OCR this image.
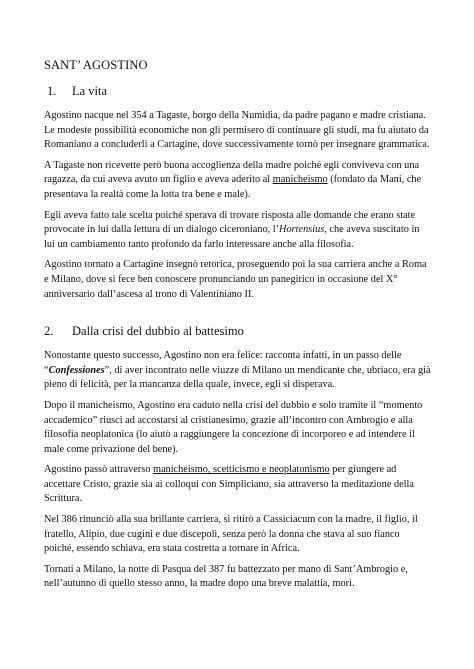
SANT’ AGOSTINO
1.	La vita

Agostino nacque nel 354 a Tagaste, borgo della Numidia, da padre pagano e madre cristiana. Le modeste possibilità economiche non gli permisero di continuare gli studi, ma fu aiutato da Romaniano a concluderli a Cartagine, dove successivamente tornò per insegnare grammatica.

A Tagaste non ricevette però buona accoglienza della madre poiché egli conviveva con una ragazza, da cui aveva avuto un figlio e aveva aderito al manicheismo (fondato da Mani, che presentava la realtà come la lotta tra bene e male).

Egli aveva fatto tale scelta poiché sperava di trovare risposta alle domande che erano state provocate in lui dalla lettura di un dialogo ciceroniano, l’Hortensius, che aveva suscitato in lui un cambiamento tanto profondo da farlo interessare anche alla filosofia.

Agostino tornato a Cartagine insegnò retorica, proseguendo poi la sua carriera anche a Roma e Milano, dove si fece ben conoscere pronunciando un panegirico in occasione del X° anniversario dall’ascesa al trono di Valentiniano II.

2.	Dalla crisi del dubbio al battesimo

Nonostante questo successo, Agostino non era felice: racconta infatti, in un passo delle “Confessiones”, di aver incontrato nelle viuzze di Milano un mendicante che, ubriaco, era già pieno di felicità, per la mancanza della quale, invece, egli si disperava.

Dopo il manicheismo, Agostino era caduto nella crisi del dubbio e solo tramite il “momento accademico” riuscì ad accostarsi al cristianesimo, grazie all’incontro con Ambrogio e alla filosofia neoplatonica (lo aiutò a raggiungere la concezione di incorporeo e ad intendere il male come privazione del bene).

Agostino passò attraverso manicheismo, scetticismo e neoplatonismo per giungere ad accettare Cristo, grazie sia ai colloqui con Simpliciano, sia attraverso la meditazione della Scrittura.

Nel 386 rinunciò alla sua brillante carriera, si ritirò a Cassiciacum con la madre, il figlio, il fratello, Alipio, due cugini e due discepoli, senza però la donna che stava al suo fianco poiché, essendo schiava, era stata costretta a tornare in Africa.

Tornati a Milano, la notte di Pasqua del 387 fu battezzato per mano di Sant’Ambrogio e, nell’autunno di quello stesso anno, la madre dopo una breve malattia, morì.
